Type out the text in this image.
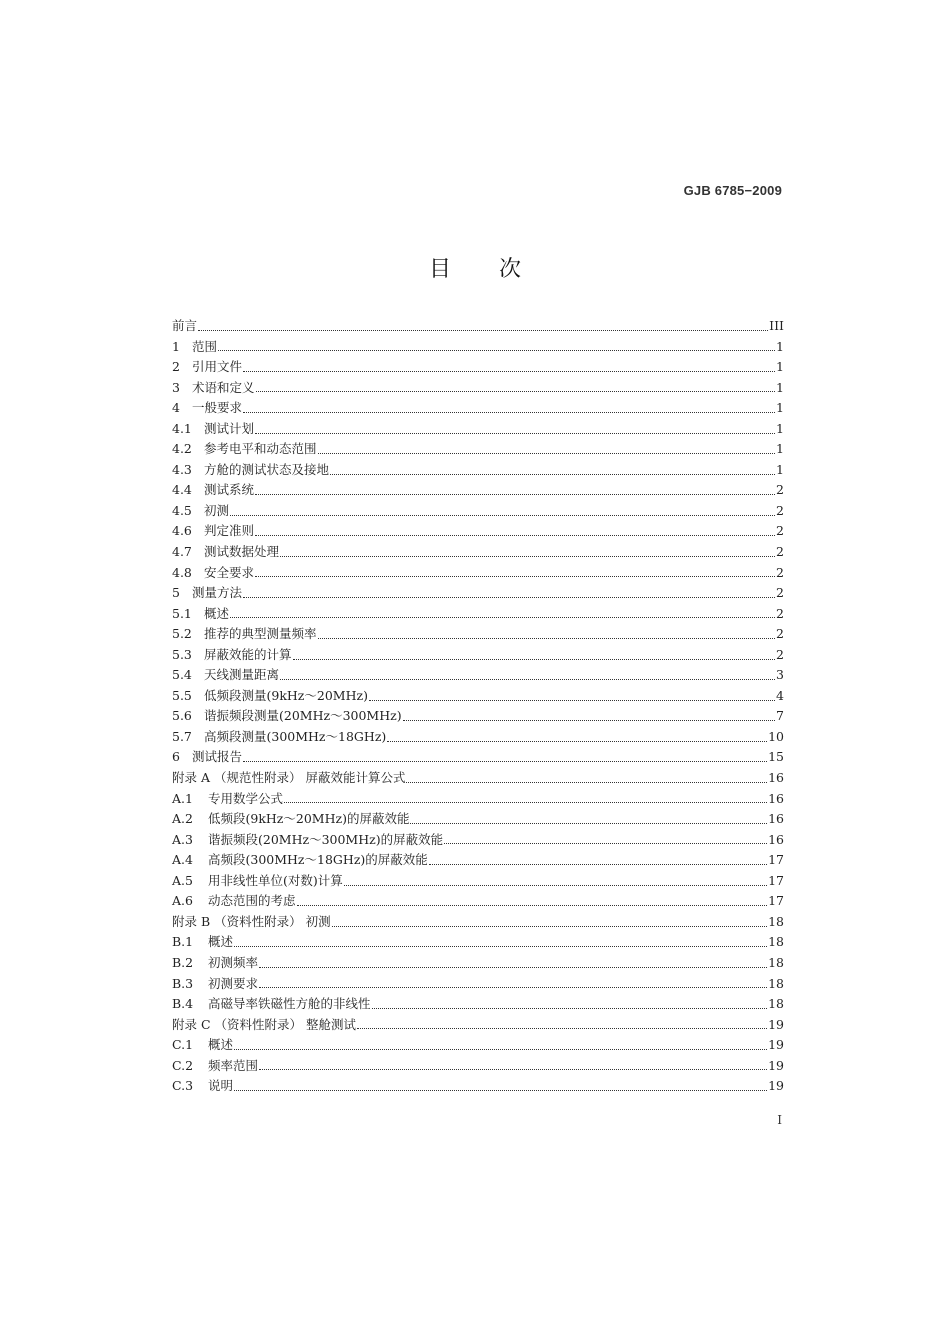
GJB 6785−2009
目 次
前言	III
1 范围	1
2 引用文件	1
3 术语和定义	1
4 一般要求	1
4.1 测试计划	1
4.2 参考电平和动态范围	1
4.3 方舱的测试状态及接地	1
4.4 测试系统	2
4.5 初测	2
4.6 判定准则	2
4.7 测试数据处理	2
4.8 安全要求	2
5 测量方法	2
5.1 概述	2
5.2 推荐的典型测量频率	2
5.3 屏蔽效能的计算	2
5.4 天线测量距离	3
5.5 低频段测量(9kHz～20MHz)	4
5.6 谐振频段测量(20MHz～300MHz)	7
5.7 高频段测量(300MHz～18GHz)	10
6 测试报告	15
附录 A （规范性附录） 屏蔽效能计算公式	16
A.1	专用数学公式	16
A.2	低频段(9kHz～20MHz)的屏蔽效能	16
A.3	谐振频段(20MHz～300MHz)的屏蔽效能	16
A.4	高频段(300MHz～18GHz)的屏蔽效能	17
A.5	用非线性单位(对数)计算	17
A.6	动态范围的考虑	17
附录 B （资料性附录） 初测	18
B.1	概述	18
B.2	初测频率	18
B.3	初测要求	18
B.4	高磁导率铁磁性方舱的非线性	18
附录 C （资料性附录） 整舱测试	19
C.1	概述	19
C.2	频率范围	19
C.3	说明	19
I
